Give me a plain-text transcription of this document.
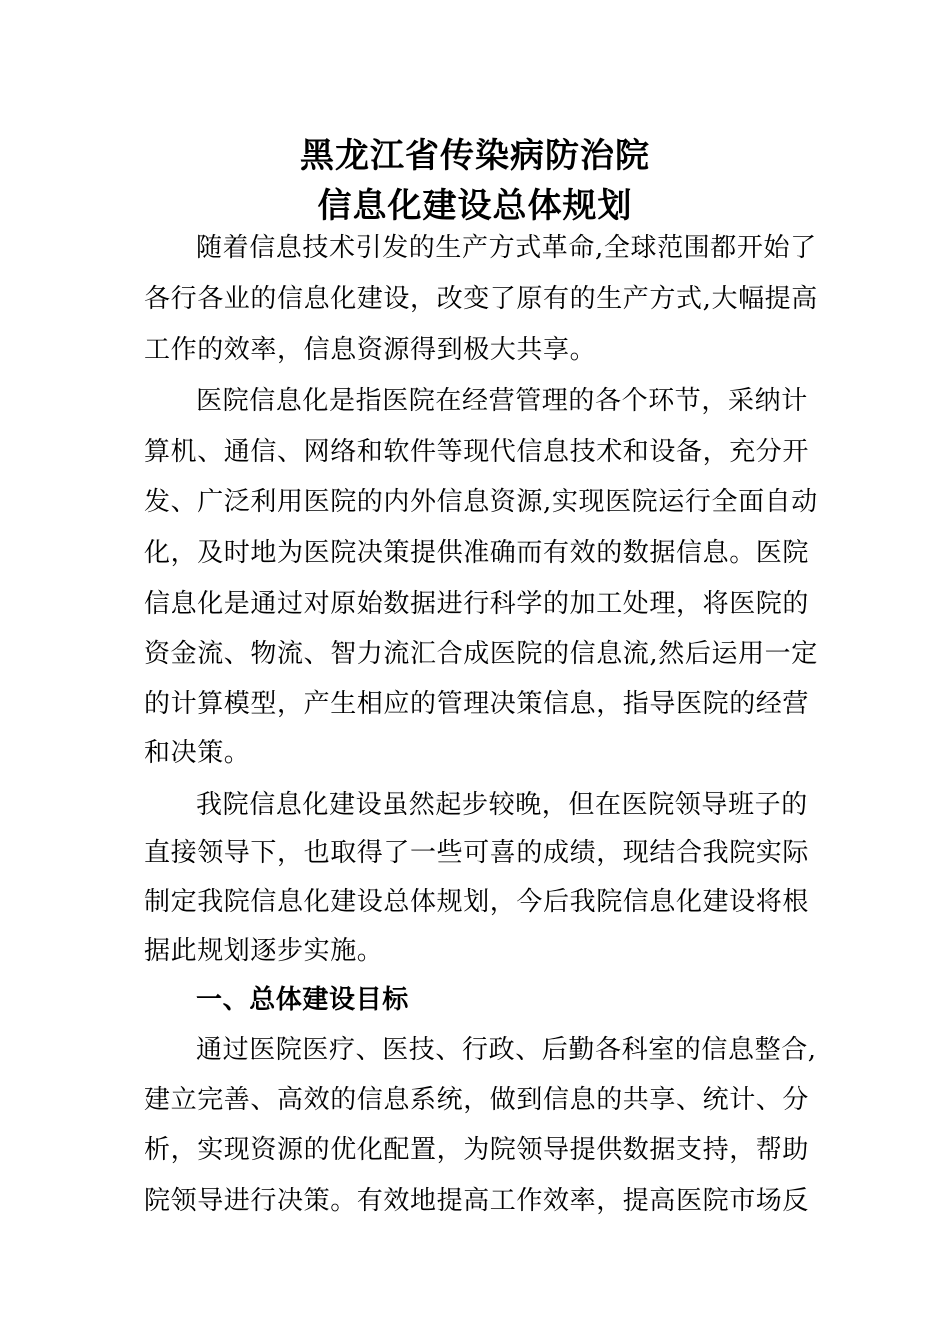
黑龙江省传染病防治院
信息化建设总体规划
随着信息技术引发的生产方式革命,全球范围都开始了
各行各业的信息化建设，改变了原有的生产方式,大幅提高
工作的效率，信息资源得到极大共享。
医院信息化是指医院在经营管理的各个环节，采纳计
算机、通信、网络和软件等现代信息技术和设备，充分开
发、广泛利用医院的内外信息资源,实现医院运行全面自动
化，及时地为医院决策提供准确而有效的数据信息。医院
信息化是通过对原始数据进行科学的加工处理，将医院的
资金流、物流、智力流汇合成医院的信息流,然后运用一定
的计算模型，产生相应的管理决策信息，指导医院的经营
和决策。
我院信息化建设虽然起步较晚，但在医院领导班子的
直接领导下，也取得了一些可喜的成绩，现结合我院实际
制定我院信息化建设总体规划，今后我院信息化建设将根
据此规划逐步实施。
一、总体建设目标
通过医院医疗、医技、行政、后勤各科室的信息整合,
建立完善、高效的信息系统，做到信息的共享、统计、分
析，实现资源的优化配置，为院领导提供数据支持，帮助
院领导进行决策。有效地提高工作效率，提高医院市场反
